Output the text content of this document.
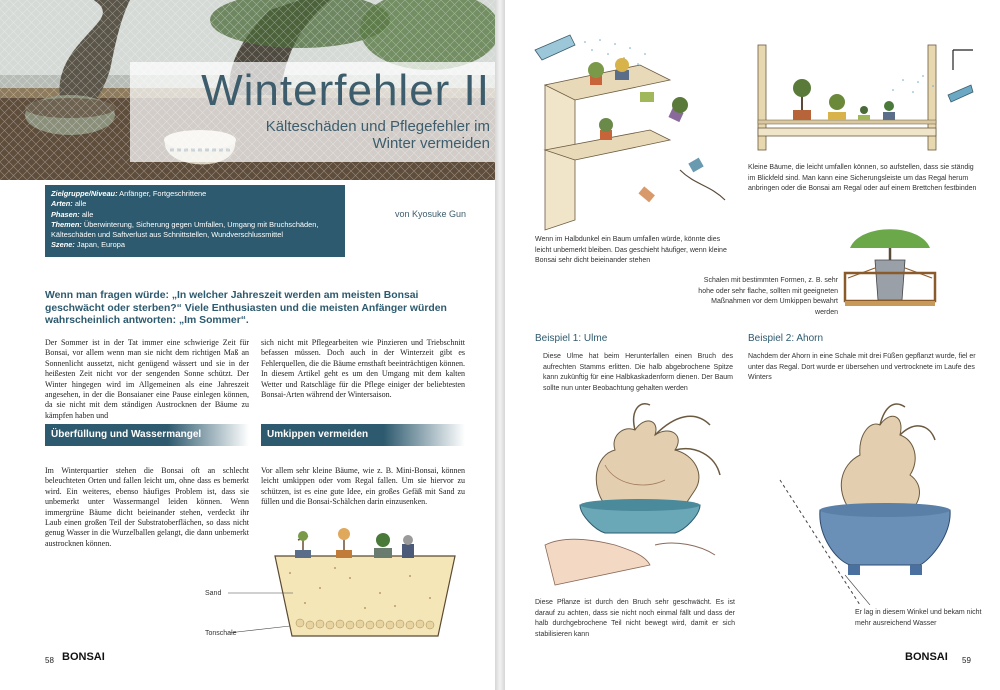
Winterfehler II
Kälteschäden und Pflegefehler im
Winter vermeiden
Zielgruppe/Niveau: Anfänger, Fortgeschrittene
Arten: alle
Phasen: alle
Themen: Überwinterung, Sicherung gegen Umfallen, Umgang mit Bruchschäden, Kälteschäden und Saftverlust aus Schnittstellen, Wundverschlussmittel
Szene: Japan, Europa
von Kyosuke Gun
Wenn man fragen würde: „In welcher Jahreszeit werden am meisten Bonsai geschwächt oder sterben?“ Viele Enthusiasten und die meisten Anfänger würden wahrscheinlich antworten: „Im Sommer“.
Der Sommer ist in der Tat immer eine schwierige Zeit für Bonsai, vor allem wenn man sie nicht dem richtigen Maß an Sonnenlicht aussetzt, nicht genügend wässert und sie in der heißesten Zeit nicht vor der sengenden Sonne schützt. Der Winter hingegen wird im Allgemeinen als eine Jahreszeit angesehen, in der die Bonsaianer eine Pause einlegen können, da sie nicht mit dem ständigen Austrocknen der Bäume zu kämpfen haben und
sich nicht mit Pflegearbeiten wie Pinzieren und Triebschnitt befassen müssen. Doch auch in der Winterzeit gibt es Fehlerquellen, die die Bäume ernsthaft beeinträchtigen können. In diesem Artikel geht es um den Umgang mit dem kalten Wetter und Ratschläge für die Pflege einiger der beliebtesten Bonsai-Arten während der Wintersaison.
Überfüllung und Wassermangel	Umkippen vermeiden
Im Winterquartier stehen die Bonsai oft an schlecht beleuchteten Orten und fallen leicht um, ohne dass es bemerkt wird. Ein weiteres, ebenso häufiges Problem ist, dass sie unbemerkt unter Wassermangel leiden können. Wenn immergrüne Bäume dicht beieinander stehen, verdeckt ihr Laub einen großen Teil der Substratoberflächen, so dass nicht genug Wasser in die Wurzelballen gelangt, die dann unbemerkt austrocknen können.
Vor allem sehr kleine Bäume, wie z. B. Mini-Bonsai, können leicht umkippen oder vom Regal fallen. Um sie hiervor zu schützen, ist es eine gute Idee, ein großes Gefäß mit Sand zu füllen und die Bonsai-Schälchen darin einzusenken.
Sand
Tonschale
58 BONSAI
Wenn im Halbdunkel ein Baum umfallen würde, könnte dies leicht unbemerkt bleiben. Das geschieht häufiger, wenn kleine Bonsai sehr dicht beieinander stehen
Kleine Bäume, die leicht umfallen können, so aufstellen, dass sie ständig im Blickfeld sind. Man kann eine Sicherungsleiste um das Regal herum anbringen oder die Bonsai am Regal oder auf einem Brettchen festbinden
Schalen mit bestimmten Formen, z. B. sehr hohe oder sehr flache, sollten mit geeigneten Maßnahmen vor dem Umkippen bewahrt werden
Beispiel 1: Ulme	Beispiel 2: Ahorn
Diese Ulme hat beim Herunterfallen einen Bruch des aufrechten Stamms erlitten. Die halb abgebrochene Spitze kann zukünftig für eine Halbkaskadenform dienen. Der Baum sollte nun unter Beobachtung gehalten werden
Nachdem der Ahorn in eine Schale mit drei Füßen gepflanzt wurde, fiel er unter das Regal. Dort wurde er übersehen und vertrocknete im Laufe des Winters
Diese Pflanze ist durch den Bruch sehr geschwächt. Es ist darauf zu achten, dass sie nicht noch einmal fällt und dass der halb durchgebrochene Teil nicht bewegt wird, damit er sich stabilisieren kann
Er lag in diesem Winkel und bekam nicht mehr ausreichend Wasser
BONSAI 59
